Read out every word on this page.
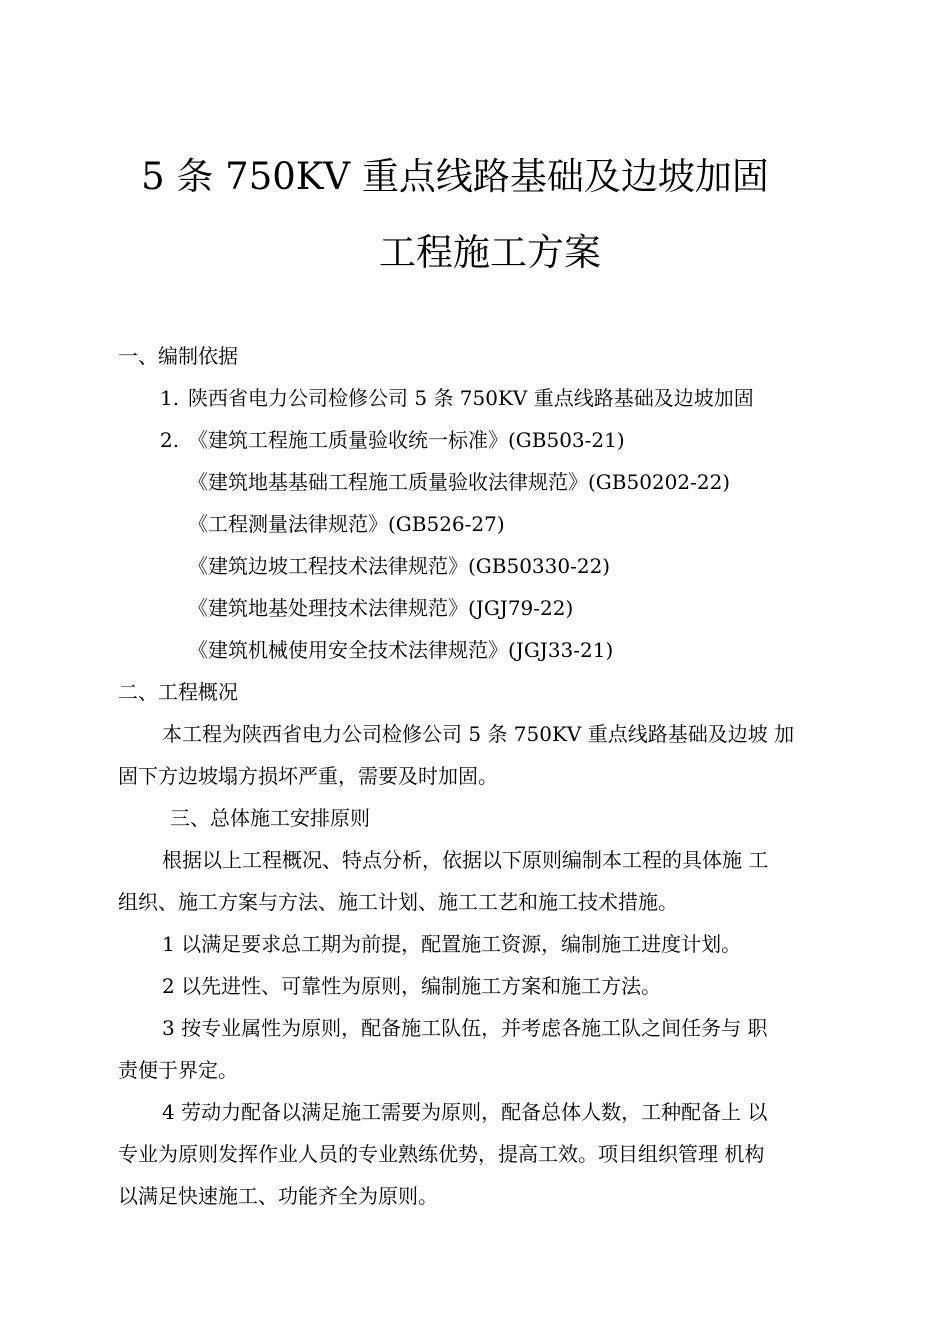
5 条 750KV 重点线路基础及边坡加固
工程施工方案
一、编制依据
1. 陕西省电力公司检修公司 5 条 750KV 重点线路基础及边坡加固
2. 《建筑工程施工质量验收统一标准》(GB503-21)
《建筑地基基础工程施工质量验收法律规范》(GB50202-22)
《工程测量法律规范》(GB526-27)
《建筑边坡工程技术法律规范》(GB50330-22)
《建筑地基处理技术法律规范》(JGJ79-22)
《建筑机械使用安全技术法律规范》(JGJ33-21)
二、工程概况
本工程为陕西省电力公司检修公司 5 条 750KV 重点线路基础及边坡 加
固下方边坡塌方损坏严重，需要及时加固。
三、总体施工安排原则
根据以上工程概况、特点分析，依据以下原则编制本工程的具体施 工
组织、施工方案与方法、施工计划、施工工艺和施工技术措施。
1 以满足要求总工期为前提，配置施工资源，编制施工进度计划。
2 以先进性、可靠性为原则，编制施工方案和施工方法。
3 按专业属性为原则，配备施工队伍，并考虑各施工队之间任务与 职
责便于界定。
4 劳动力配备以满足施工需要为原则，配备总体人数，工种配备上 以
专业为原则发挥作业人员的专业熟练优势，提高工效。项目组织管理 机构
以满足快速施工、功能齐全为原则。
